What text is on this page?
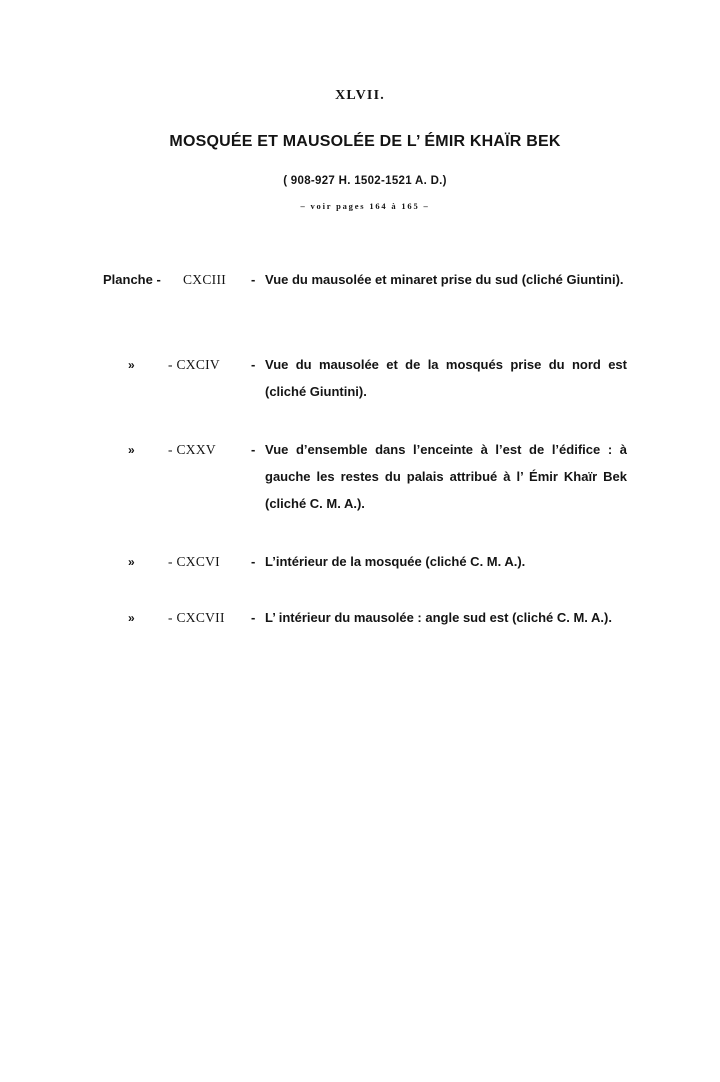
XLVII.
MOSQUÉE ET MAUSOLÉE DE L’ ÉMIR KHAÏR BEK
( 908-927 H. 1502-1521 A. D.)
– voir pages 164 à 165 –
Planche - CXCIII - Vue du mausolée et minaret prise du sud (cliché Giuntini).
» - CXCIV - Vue du mausolée et de la mosqués prise du nord est (cliché Giuntini).
» - CXXV	- Vue d’ensemble dans l’enceinte à l’est de l’édifice : à gauche les restes du palais attribué à l’ Émir Khaïr Bek (cliché C. M. A.).
» - CXCVI - L’intérieur de la mosquée (cliché C. M. A.).
» - CXCVII - L’ intérieur du mausolée : angle sud est (cliché C. M. A.).
